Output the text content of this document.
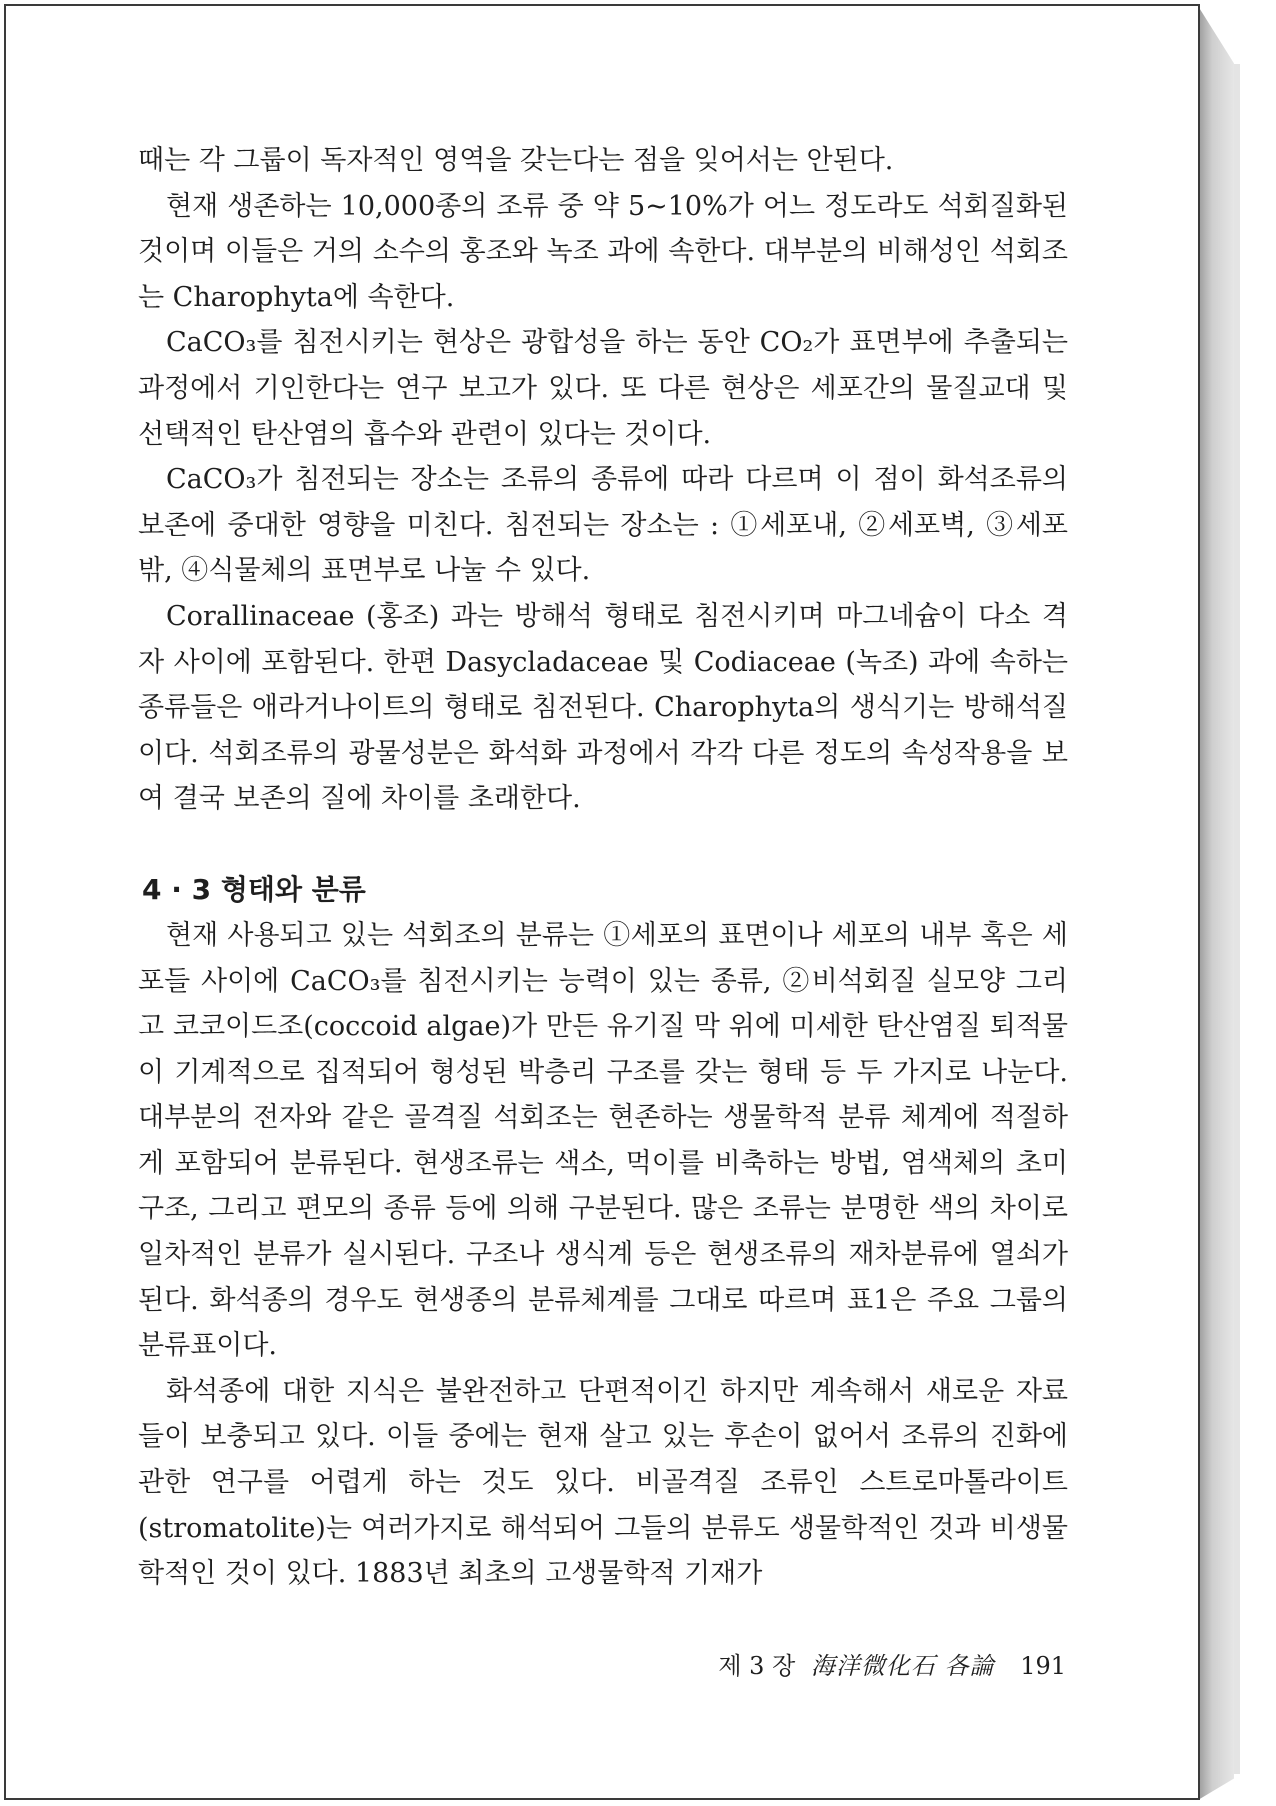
때는 각 그룹이 독자적인 영역을 갖는다는 점을 잊어서는 안된다.

현재 생존하는 10,000종의 조류 중 약 5~10%가 어느 정도라도 석회질화된 것이며 이들은 거의 소수의 홍조와 녹조 과에 속한다. 대부분의 비해성인 석회조는 Charophyta에 속한다.

CaCO₃를 침전시키는 현상은 광합성을 하는 동안 CO₂가 표면부에 추출되는 과정에서 기인한다는 연구 보고가 있다. 또 다른 현상은 세포간의 물질교대 및 선택적인 탄산염의 흡수와 관련이 있다는 것이다.

CaCO₃가 침전되는 장소는 조류의 종류에 따라 다르며 이 점이 화석조류의 보존에 중대한 영향을 미친다. 침전되는 장소는 : ①세포내, ②세포벽, ③세포밖, ④식물체의 표면부로 나눌 수 있다.

Corallinaceae (홍조) 과는 방해석 형태로 침전시키며 마그네슘이 다소 격자 사이에 포함된다. 한편 Dasycladaceae 및 Codiaceae (녹조) 과에 속하는 종류들은 애라거나이트의 형태로 침전된다. Charophyta의 생식기는 방해석질이다. 석회조류의 광물성분은 화석화 과정에서 각각 다른 정도의 속성작용을 보여 결국 보존의 질에 차이를 초래한다.

4 · 3 형태와 분류

현재 사용되고 있는 석회조의 분류는 ①세포의 표면이나 세포의 내부 혹은 세포들 사이에 CaCO₃를 침전시키는 능력이 있는 종류, ②비석회질 실모양 그리고 코코이드조(coccoid algae)가 만든 유기질 막 위에 미세한 탄산염질 퇴적물이 기계적으로 집적되어 형성된 박층리 구조를 갖는 형태 등 두 가지로 나눈다. 대부분의 전자와 같은 골격질 석회조는 현존하는 생물학적 분류 체계에 적절하게 포함되어 분류된다. 현생조류는 색소, 먹이를 비축하는 방법, 염색체의 초미구조, 그리고 편모의 종류 등에 의해 구분된다. 많은 조류는 분명한 색의 차이로 일차적인 분류가 실시된다. 구조나 생식계 등은 현생조류의 재차분류에 열쇠가 된다. 화석종의 경우도 현생종의 분류체계를 그대로 따르며 표1은 주요 그룹의 분류표이다.

화석종에 대한 지식은 불완전하고 단편적이긴 하지만 계속해서 새로운 자료들이 보충되고 있다. 이들 중에는 현재 살고 있는 후손이 없어서 조류의 진화에 관한 연구를 어렵게 하는 것도 있다. 비골격질 조류인 스트로마톨라이트(stromatolite)는 여러가지로 해석되어 그들의 분류도 생물학적인 것과 비생물학적인 것이 있다. 1883년 최초의 고생물학적 기재가

제 3 장 海洋微化石 各論 191
